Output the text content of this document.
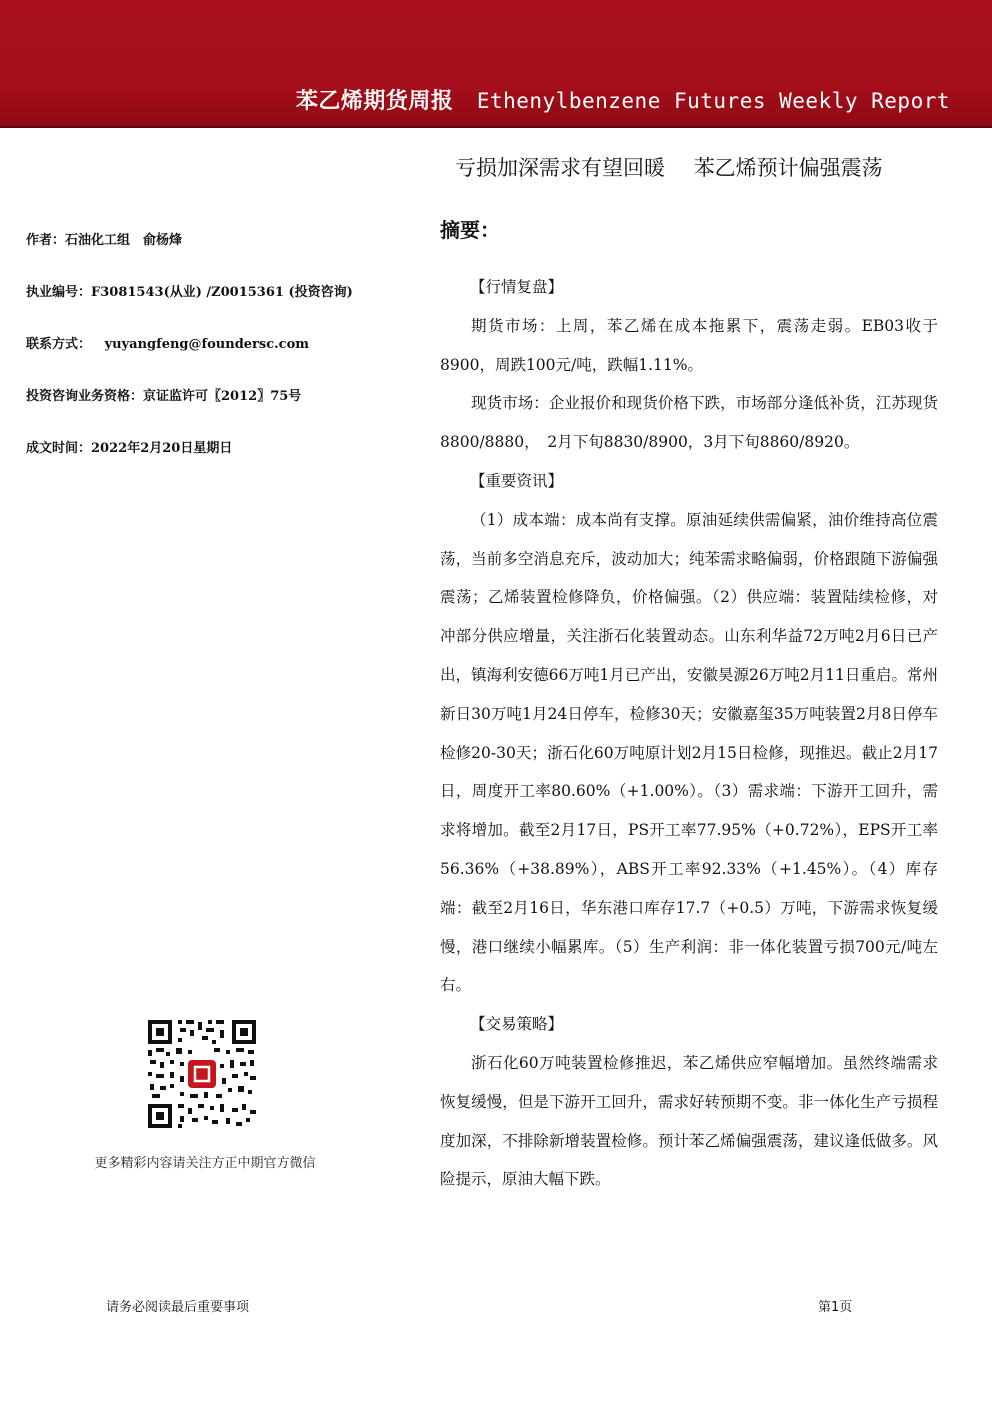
苯乙烯期货周报 Ethenylbenzene Futures Weekly Report
亏损加深需求有望回暖 苯乙烯预计偏强震荡
作者：石油化工组　俞杨烽
执业编号：F3081543(从业) /Z0015361 (投资咨询)
联系方式： yuyangfeng@foundersc.com
投资咨询业务资格：京证监许可〖2012〗75号
成文时间：2022年2月20日星期日
更多精彩内容请关注方正中期官方微信
摘要：

【行情复盘】

期货市场：上周，苯乙烯在成本拖累下，震荡走弱。EB03收于8900，周跌100元/吨，跌幅1.11%。

现货市场：企业报价和现货价格下跌，市场部分逢低补货，江苏现货8800/8880，　2月下旬8830/8900，3月下旬8860/8920。

【重要资讯】

（1）成本端：成本尚有支撑。原油延续供需偏紧，油价维持高位震荡，当前多空消息充斥，波动加大；纯苯需求略偏弱，价格跟随下游偏强震荡；乙烯装置检修降负，价格偏强。（2）供应端：装置陆续检修，对冲部分供应增量，关注浙石化装置动态。山东利华益72万吨2月6日已产出，镇海利安德66万吨1月已产出，安徽昊源26万吨2月11日重启。常州新日30万吨1月24日停车，检修30天；安徽嘉玺35万吨装置2月8日停车检修20-30天；浙石化60万吨原计划2月15日检修，现推迟。截止2月17日，周度开工率80.60%（+1.00%）。（3）需求端：下游开工回升，需求将增加。截至2月17日，PS开工率77.95%（+0.72%），EPS开工率56.36%（+38.89%），ABS开工率92.33%（+1.45%）。（4）库存端：截至2月16日，华东港口库存17.7（+0.5）万吨，下游需求恢复缓慢，港口继续小幅累库。（5）生产利润：非一体化装置亏损700元/吨左右。

【交易策略】

浙石化60万吨装置检修推迟，苯乙烯供应窄幅增加。虽然终端需求恢复缓慢，但是下游开工回升，需求好转预期不变。非一体化生产亏损程度加深，不排除新增装置检修。预计苯乙烯偏强震荡，建议逢低做多。风险提示，原油大幅下跌。

请务必阅读最后重要事项	第1页
